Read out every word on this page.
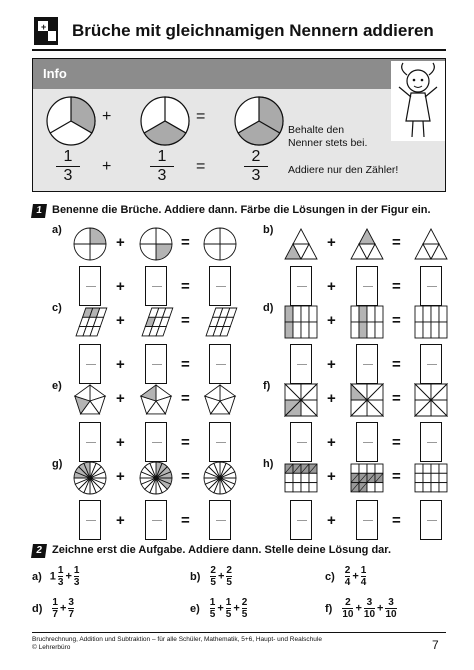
+ Brüche mit gleichnamigen Nennern addieren
Info
+	=
1
3
+
1
3
=
2
3
Behalte den Nenner stets bei.
Addiere nur den Zähler!
1 Benenne die Brüche. Addiere dann. Färbe die Lösungen in der Figur ein.
a)
+	=
+	=
b)
+	=
+	=
c)
+	=
+	=
d)
+	=
+	=
e)
+	=
+	=
f)
+	=
+	=
g)
+	=
+	=
h)
+	=
+	=
2 Zeichne erst die Aufgabe. Addiere dann. Stelle deine Lösung dar.
a) $1 \frac{1}{3} + \frac{1}{3}$	$b) \frac{2}{5} + \frac{2}{5}$	$c) \frac{2}{4} + \frac{1}{4}$
$d) \frac{1}{7} + \frac{3}{7}$	$e) \frac{1}{5} + \frac{1}{5} + \frac{2}{5}$	$f) \frac{2}{10} + \frac{3}{10} + \frac{3}{10}$
Bruchrechnung, Addition und Subtraktion – für alle Schüler, Mathematik, 5+6, Haupt- und Realschule
© Lehrerbüro	7
